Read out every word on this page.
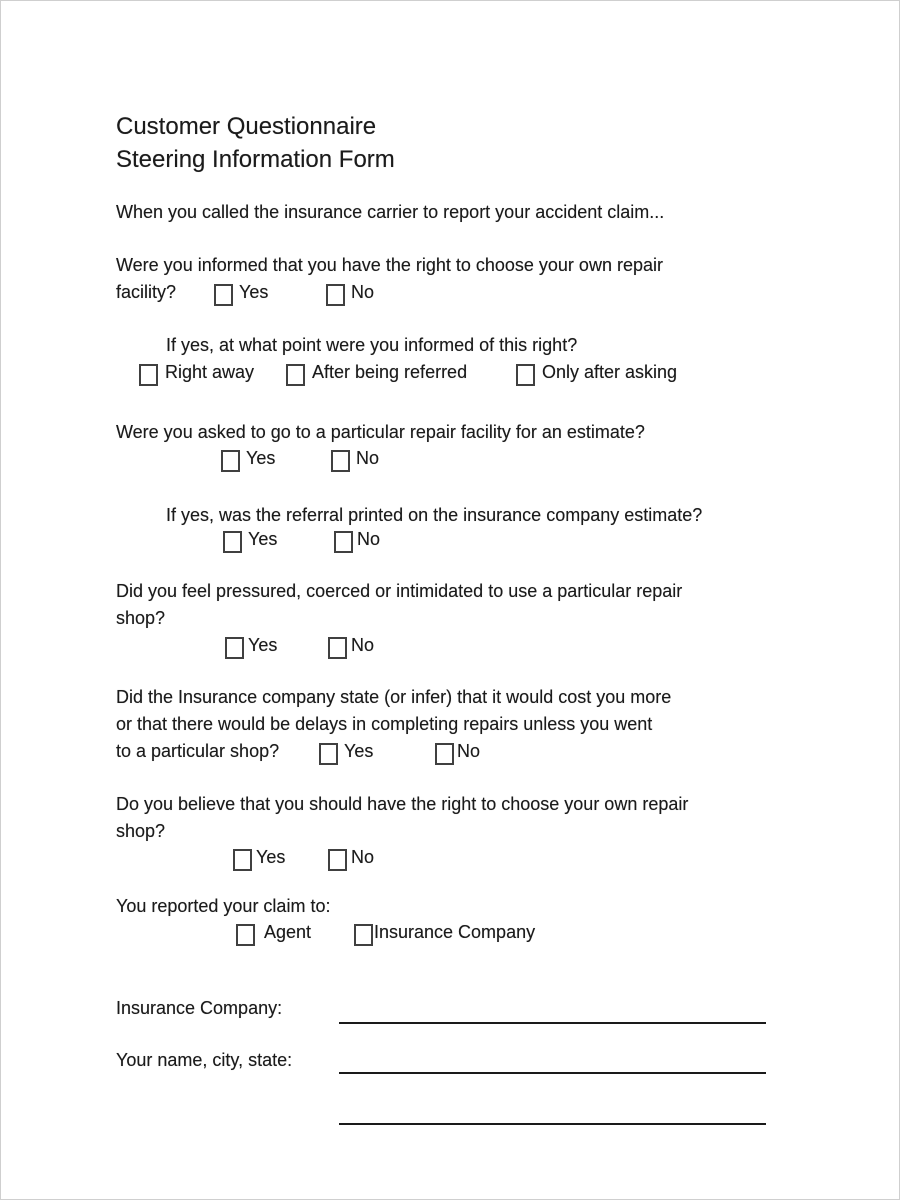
Customer Questionnaire
Steering Information Form
When you called the insurance carrier to report your accident claim...
Were you informed that you have the right to choose your own repair
facility?	Yes	No
If yes, at what point were you informed of this right?
Right away	After being referred	Only after asking
Were you asked to go to a particular repair facility for an estimate?
Yes	No
If yes, was the referral printed on the insurance company estimate?
Yes	No
Did you feel pressured, coerced or intimidated to use a particular repair
shop?
Yes	No
Did the Insurance company state (or infer) that it would cost you more
or that there would be delays in completing repairs unless you went
to a particular shop?	Yes	No
Do you believe that you should have the right to choose your own repair
shop?
Yes	No
You reported your claim to:
Agent	Insurance Company
Insurance Company:
Your name, city, state:
